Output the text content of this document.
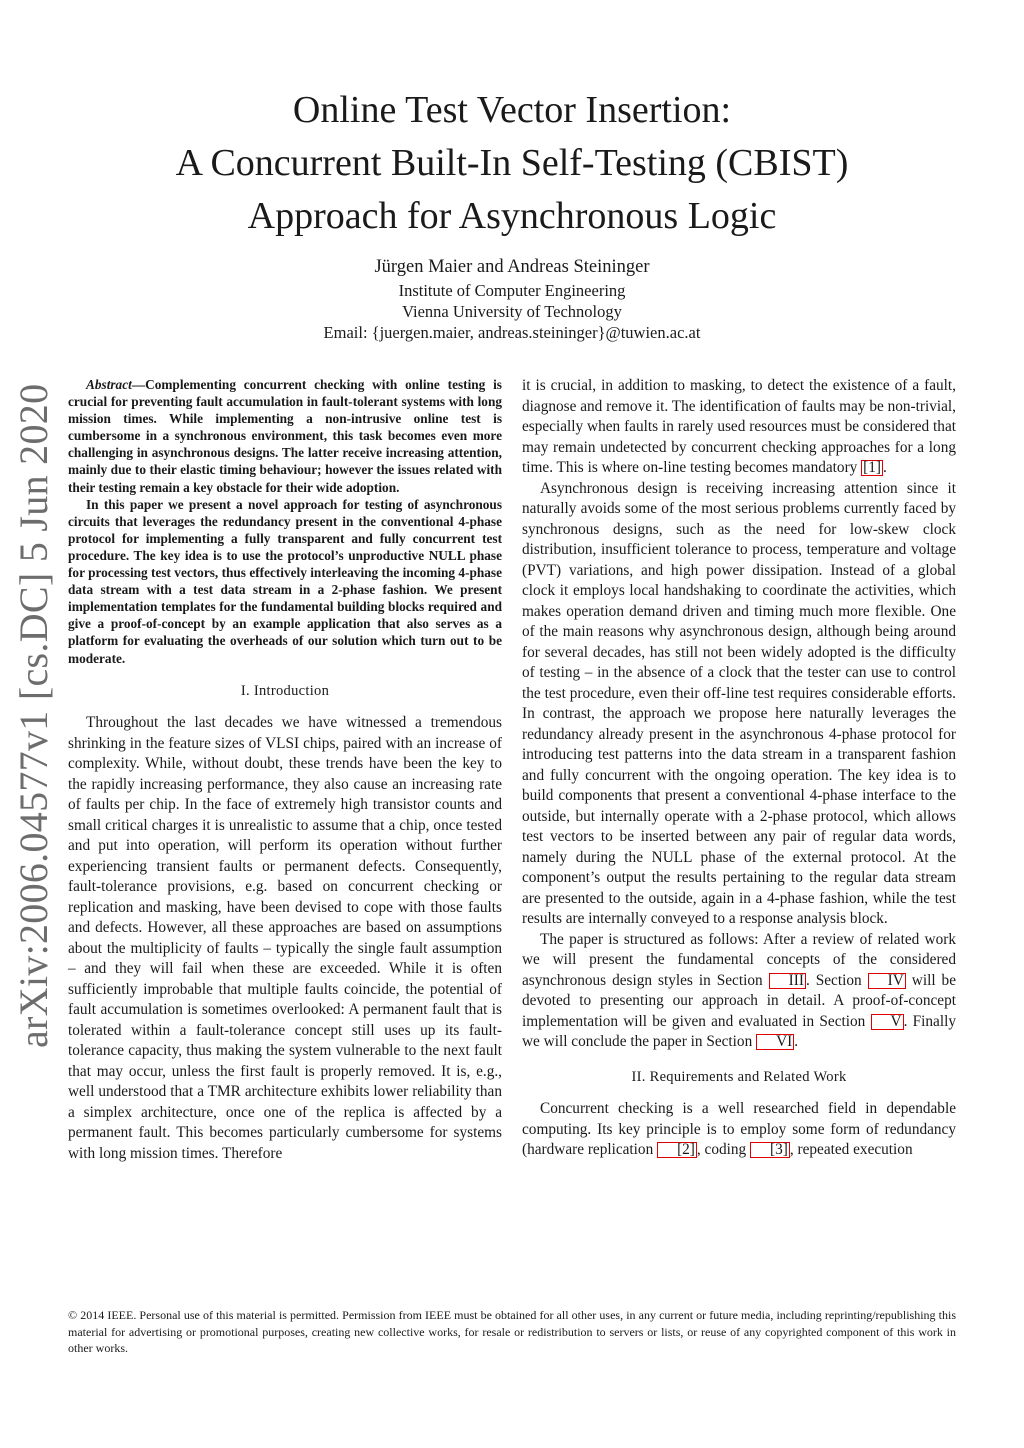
arXiv:2006.04577v1 [cs.DC] 5 Jun 2020
Online Test Vector Insertion:
A Concurrent Built-In Self-Testing (CBIST)
Approach for Asynchronous Logic
Jürgen Maier and Andreas Steininger
Institute of Computer Engineering
Vienna University of Technology
Email: {juergen.maier, andreas.steininger}@tuwien.ac.at

Abstract—Complementing concurrent checking with online testing is crucial for preventing fault accumulation in fault-tolerant systems with long mission times. While implementing a non-intrusive online test is cumbersome in a synchronous environment, this task becomes even more challenging in asynchronous designs. The latter receive increasing attention, mainly due to their elastic timing behaviour; however the issues related with their testing remain a key obstacle for their wide adoption.

In this paper we present a novel approach for testing of asynchronous circuits that leverages the redundancy present in the conventional 4-phase protocol for implementing a fully transparent and fully concurrent test procedure. The key idea is to use the protocol’s unproductive NULL phase for processing test vectors, thus effectively interleaving the incoming 4-phase data stream with a test data stream in a 2-phase fashion. We present implementation templates for the fundamental building blocks required and give a proof-of-concept by an example application that also serves as a platform for evaluating the overheads of our solution which turn out to be moderate.

I. Introduction

Throughout the last decades we have witnessed a tremendous shrinking in the feature sizes of VLSI chips, paired with an increase of complexity. While, without doubt, these trends have been the key to the rapidly increasing performance, they also cause an increasing rate of faults per chip. In the face of extremely high transistor counts and small critical charges it is unrealistic to assume that a chip, once tested and put into operation, will perform its operation without further experiencing transient faults or permanent defects. Consequently, fault-tolerance provisions, e.g. based on concurrent checking or replication and masking, have been devised to cope with those faults and defects. However, all these approaches are based on assumptions about the multiplicity of faults – typically the single fault assumption – and they will fail when these are exceeded. While it is often sufficiently improbable that multiple faults coincide, the potential of fault accumulation is sometimes overlooked: A permanent fault that is tolerated within a fault-tolerance concept still uses up its fault-tolerance capacity, thus making the system vulnerable to the next fault that may occur, unless the first fault is properly removed. It is, e.g., well understood that a TMR architecture exhibits lower reliability than a simplex architecture, once one of the replica is affected by a permanent fault. This becomes particularly cumbersome for systems with long mission times. Therefore

it is crucial, in addition to masking, to detect the existence of a fault, diagnose and remove it. The identification of faults may be non-trivial, especially when faults in rarely used resources must be considered that may remain undetected by concurrent checking approaches for a long time. This is where on-line testing becomes mandatory [1] .

Asynchronous design is receiving increasing attention since it naturally avoids some of the most serious problems currently faced by synchronous designs, such as the need for low-skew clock distribution, insufficient tolerance to process, temperature and voltage (PVT) variations, and high power dissipation. Instead of a global clock it employs local handshaking to coordinate the activities, which makes operation demand driven and timing much more flexible. One of the main reasons why asynchronous design, although being around for several decades, has still not been widely adopted is the difficulty of testing – in the absence of a clock that the tester can use to control the test procedure, even their off-line test requires considerable efforts. In contrast, the approach we propose here naturally leverages the redundancy already present in the asynchronous 4-phase protocol for introducing test patterns into the data stream in a transparent fashion and fully concurrent with the ongoing operation. The key idea is to build components that present a conventional 4-phase interface to the outside, but internally operate with a 2-phase protocol, which allows test vectors to be inserted between any pair of regular data words, namely during the NULL phase of the external protocol. At the component’s output the results pertaining to the regular data stream are presented to the outside, again in a 4-phase fashion, while the test results are internally conveyed to a response analysis block.

The paper is structured as follows: After a review of related work we will present the fundamental concepts of the considered asynchronous design styles in Section III . Section IV will be devoted to presenting our approach in detail. A proof-of-concept implementation will be given and evaluated in Section V . Finally we will conclude the paper in Section VI .

II. Requirements and Related Work

Concurrent checking is a well researched field in dependable computing. Its key principle is to employ some form of redundancy (hardware replication [2] , coding [3] , repeated execution

© 2014 IEEE. Personal use of this material is permitted. Permission from IEEE must be obtained for all other uses, in any current or future media, including reprinting/republishing this material for advertising or promotional purposes, creating new collective works, for resale or redistribution to servers or lists, or reuse of any copyrighted component of this work in other works.
